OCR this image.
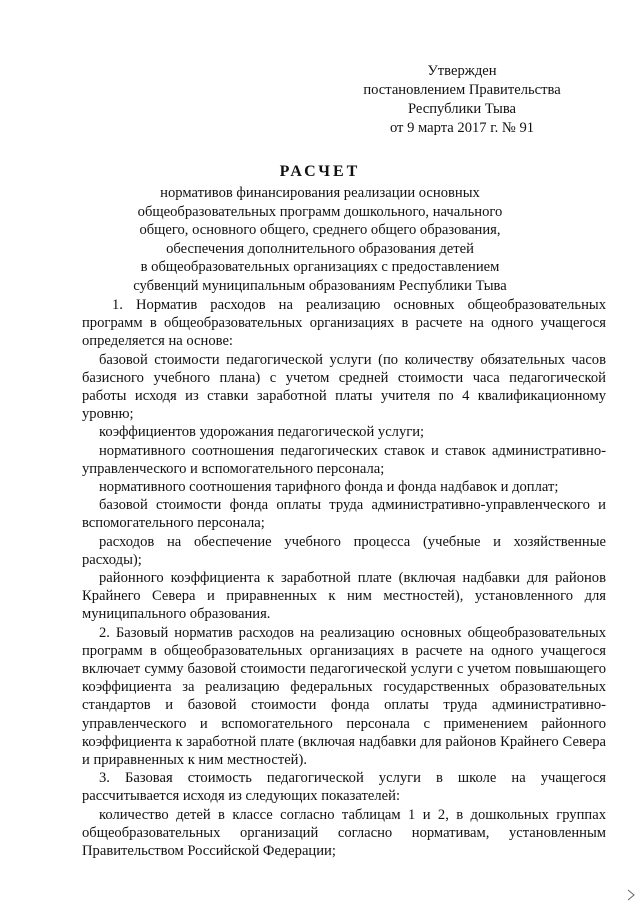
Утвержден
постановлением Правительства
Республики Тыва
от 9 марта 2017 г. № 91
РАСЧЕТ
нормативов финансирования реализации основных
общеобразовательных программ дошкольного, начального
общего, основного общего, среднего общего образования,
обеспечения дополнительного образования детей
в общеобразовательных организациях с предоставлением
субвенций муниципальным образованиям Республики Тыва

1. Норматив расходов на реализацию основных общеобразовательных программ в общеобразовательных организациях в расчете на одного учащегося определяется на основе:

базовой стоимости педагогической услуги (по количеству обязательных часов базисного учебного плана) с учетом средней стоимости часа педагогической работы исходя из ставки заработной платы учителя по 4 квалификационному уровню;

коэффициентов удорожания педагогической услуги;

нормативного соотношения педагогических ставок и ставок административно-управленческого и вспомогательного персонала;

нормативного соотношения тарифного фонда и фонда надбавок и доплат;

базовой стоимости фонда оплаты труда административно-управленческого и вспомогательного персонала;

расходов на обеспечение учебного процесса (учебные и хозяйственные расходы);

районного коэффициента к заработной плате (включая надбавки для районов Крайнего Севера и приравненных к ним местностей), установленного для муниципального образования.

2. Базовый норматив расходов на реализацию основных общеобразовательных программ в общеобразовательных организациях в расчете на одного учащегося включает сумму базовой стоимости педагогической услуги с учетом повышающего коэффициента за реализацию федеральных государственных образовательных стандартов и базовой стоимости фонда оплаты труда административно-управленческого и вспомогательного персонала с применением районного коэффициента к заработной плате (включая надбавки для районов Крайнего Севера и приравненных к ним местностей).

3. Базовая стоимость педагогической услуги в школе на учащегося рассчитывается исходя из следующих показателей:

количество детей в классе согласно таблицам 1 и 2, в дошкольных группах общеобразовательных организаций согласно нормативам, установленным Правительством Российской Федерации;
